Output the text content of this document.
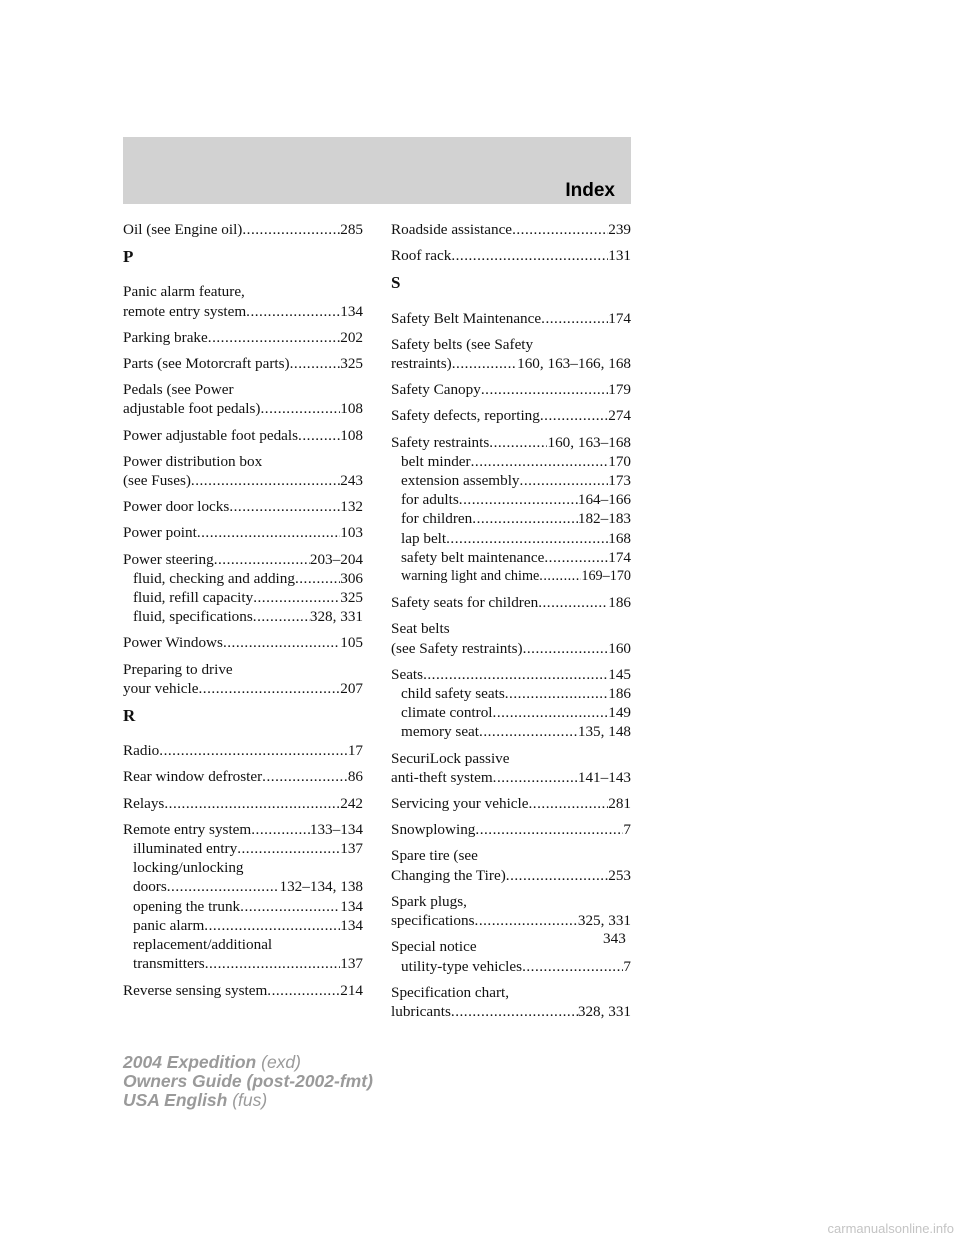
Index
Oil (see Engine oil) .....	285
P
Panic alarm feature,
remote entry system .....	134
Parking brake .....	202
Parts (see Motorcraft parts) .....	325
Pedals (see Power
adjustable foot pedals) .....	108
Power adjustable foot pedals .....	108
Power distribution box
(see Fuses) .....	243
Power door locks .....	132
Power point .....	103
Power steering .....	203–204
fluid, checking and adding .....	306
fluid, refill capacity .....	325
fluid, specifications .....	328, 331
Power Windows .....	105
Preparing to drive
your vehicle .....	207
R
Radio .....	17
Rear window defroster .....	86
Relays .....	242
Remote entry system .....	133–134
illuminated entry .....	137
locking/unlocking
doors .....	132–134, 138
opening the trunk .....	134
panic alarm .....	134
replacement/additional
transmitters .....	137
Reverse sensing system .....	214
Roadside assistance .....	239
Roof rack .....	131
S
Safety Belt Maintenance .....	174
Safety belts (see Safety
restraints) .....	160, 163–166, 168
Safety Canopy .....	179
Safety defects, reporting .....	274
Safety restraints .....	160, 163–168
belt minder .....	170
extension assembly .....	173
for adults .....	164–166
for children .....	182–183
lap belt .....	168
safety belt maintenance .....	174
warning light and chime .....	169–170
Safety seats for children .....	186
Seat belts
(see Safety restraints) .....	160
Seats .....	145
child safety seats .....	186
climate control .....	149
memory seat .....	135, 148
SecuriLock passive
anti-theft system .....	141–143
Servicing your vehicle .....	281
Snowplowing .....	7
Spare tire (see
Changing the Tire) .....	253
Spark plugs,
specifications .....	325, 331
Special notice
utility-type vehicles .....	7
Specification chart,
lubricants .....	328, 331
343
2004 Expedition (exd)
Owners Guide (post-2002-fmt)
USA English (fus)
carmanualsonline.info
